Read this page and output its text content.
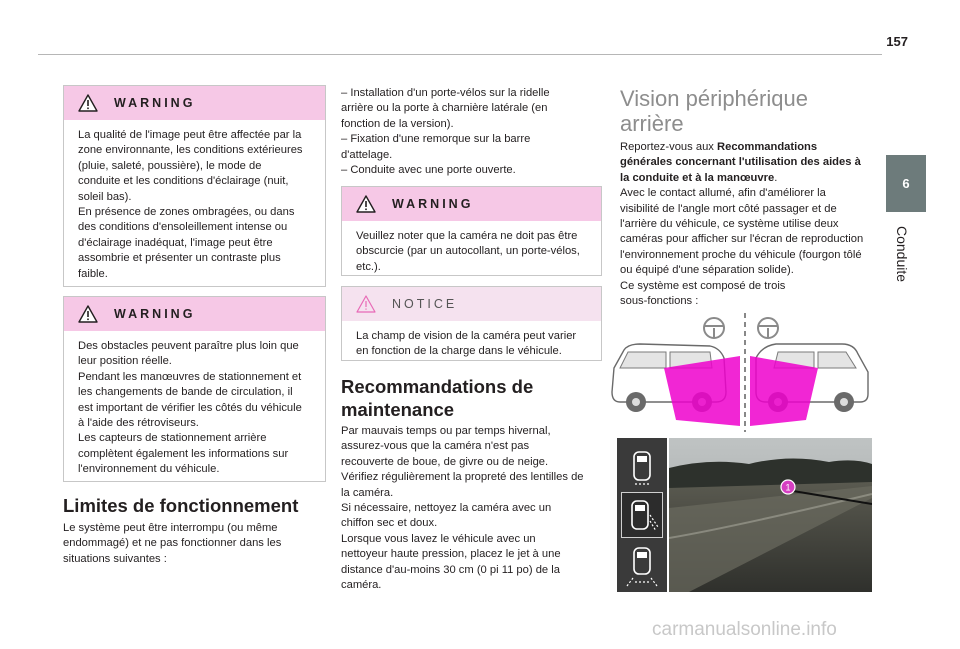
157
6
Conduite
WARNING
La qualité de l'image peut être affectée par la
zone environnante, les conditions extérieures
(pluie, saleté, poussière), le mode de
conduite et les conditions d'éclairage (nuit,
soleil bas).
En présence de zones ombragées, ou dans
des conditions d'ensoleillement intense ou
d'éclairage inadéquat, l'image peut être
assombrie et présenter un contraste plus
faible.
WARNING
Des obstacles peuvent paraître plus loin que
leur position réelle.
Pendant les manœuvres de stationnement et
les changements de bande de circulation, il
est important de vérifier les côtés du véhicule
à l'aide des rétroviseurs.
Les capteurs de stationnement arrière
complètent également les informations sur
l'environnement du véhicule.
Limites de fonctionnement
Le système peut être interrompu (ou même
endommagé) et ne pas fonctionner dans les
situations suivantes :
– Installation d'un porte-vélos sur la ridelle
arrière ou la porte à charnière latérale (en
fonction de la version).
– Fixation d'une remorque sur la barre
d'attelage.
– Conduite avec une porte ouverte.
WARNING
Veuillez noter que la caméra ne doit pas être
obscurcie (par un autocollant, un porte-vélos,
etc.).
NOTICE
La champ de vision de la caméra peut varier
en fonction de la charge dans le véhicule.
Recommandations de
maintenance
Par mauvais temps ou par temps hivernal,
assurez-vous que la caméra n'est pas
recouverte de boue, de givre ou de neige.
Vérifiez régulièrement la propreté des lentilles de
la caméra.
Si nécessaire, nettoyez la caméra avec un
chiffon sec et doux.
Lorsque vous lavez le véhicule avec un
nettoyeur haute pression, placez le jet à une
distance d'au-moins 30 cm (0 pi 11 po) de la
caméra.
Vision périphérique
arrière
Reportez-vous aux Recommandations
générales concernant l'utilisation des aides à
la conduite et à la manœuvre.
Avec le contact allumé, afin d'améliorer la
visibilité de l'angle mort côté passager et de
l'arrière du véhicule, ce système utilise deux
caméras pour afficher sur l'écran de reproduction
l'environnement proche du véhicule (fourgon tôlé
ou équipé d'une séparation solide).
Ce système est composé de trois
sous-fonctions :
1
carmanualsonline.info
